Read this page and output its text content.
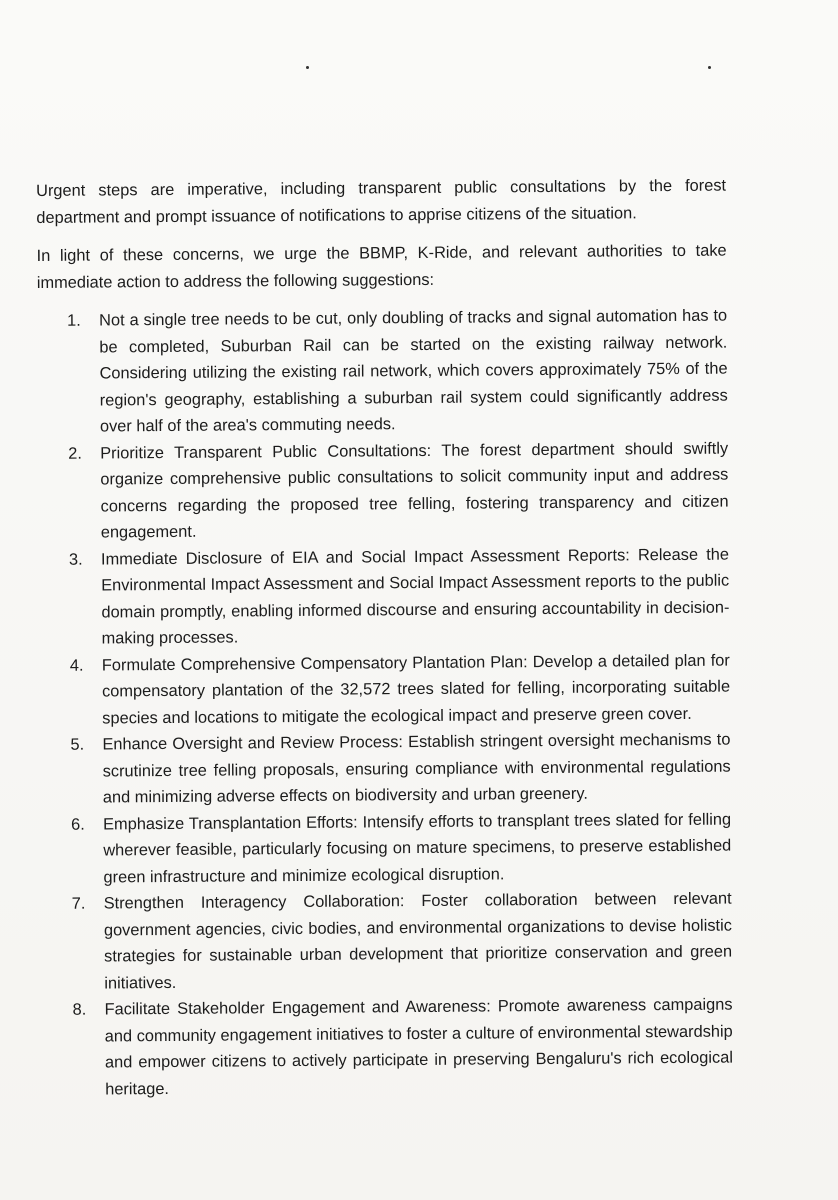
Urgent steps are imperative, including transparent public consultations by the forest department and prompt issuance of notifications to apprise citizens of the situation.

In light of these concerns, we urge the BBMP, K-Ride, and relevant authorities to take immediate action to address the following suggestions:

1. Not a single tree needs to be cut, only doubling of tracks and signal automation has to be completed, Suburban Rail can be started on the existing railway network. Considering utilizing the existing rail network, which covers approximately 75% of the region's geography, establishing a suburban rail system could significantly address over half of the area's commuting needs.
2. Prioritize Transparent Public Consultations: The forest department should swiftly organize comprehensive public consultations to solicit community input and address concerns regarding the proposed tree felling, fostering transparency and citizen engagement.
3. Immediate Disclosure of EIA and Social Impact Assessment Reports: Release the Environmental Impact Assessment and Social Impact Assessment reports to the public domain promptly, enabling informed discourse and ensuring accountability in decision-making processes.
4. Formulate Comprehensive Compensatory Plantation Plan: Develop a detailed plan for compensatory plantation of the 32,572 trees slated for felling, incorporating suitable species and locations to mitigate the ecological impact and preserve green cover.
5. Enhance Oversight and Review Process: Establish stringent oversight mechanisms to scrutinize tree felling proposals, ensuring compliance with environmental regulations and minimizing adverse effects on biodiversity and urban greenery.
6. Emphasize Transplantation Efforts: Intensify efforts to transplant trees slated for felling wherever feasible, particularly focusing on mature specimens, to preserve established green infrastructure and minimize ecological disruption.
7. Strengthen Interagency Collaboration: Foster collaboration between relevant government agencies, civic bodies, and environmental organizations to devise holistic strategies for sustainable urban development that prioritize conservation and green initiatives.
8. Facilitate Stakeholder Engagement and Awareness: Promote awareness campaigns and community engagement initiatives to foster a culture of environmental stewardship and empower citizens to actively participate in preserving Bengaluru's rich ecological heritage.
